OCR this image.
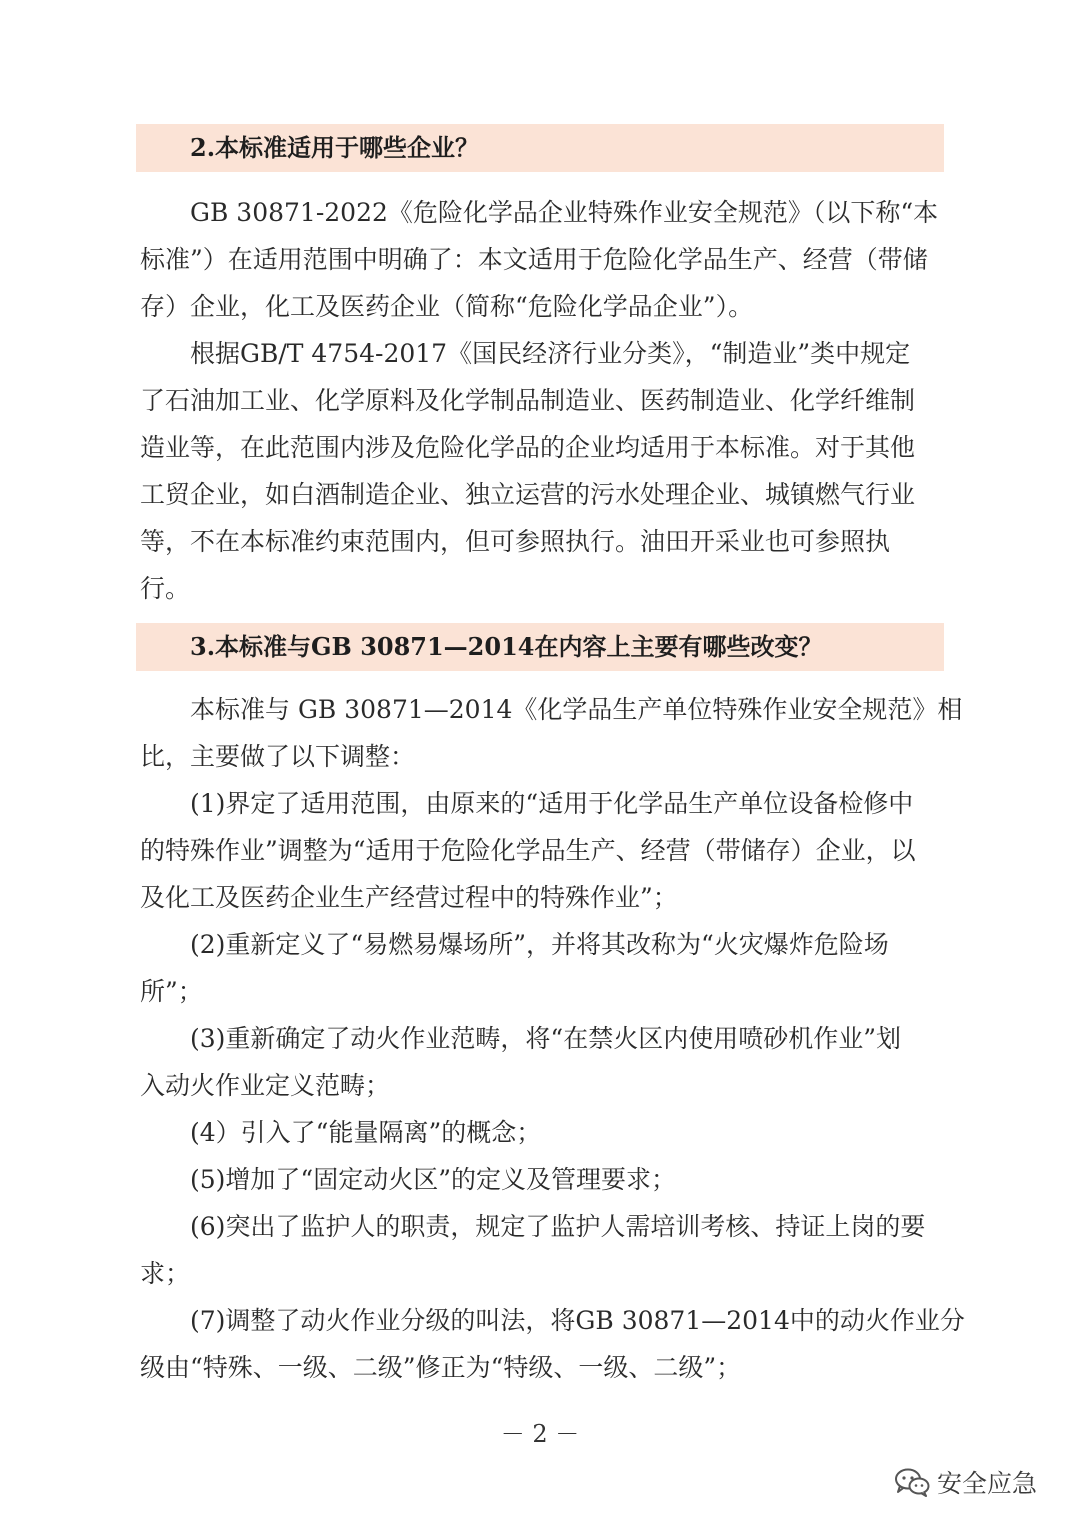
2.本标准适用于哪些企业？
GB 30871-2022《危险化学品企业特殊作业安全规范》（以下称“本
标准”）在适用范围中明确了：本文适用于危险化学品生产、经营（带储
存）企业，化工及医药企业（简称“危险化学品企业”）。
根据GB/T 4754-2017《国民经济行业分类》，“制造业”类中规定
了石油加工业、化学原料及化学制品制造业、医药制造业、化学纤维制
造业等，在此范围内涉及危险化学品的企业均适用于本标准。对于其他
工贸企业，如白酒制造企业、独立运营的污水处理企业、城镇燃气行业
等，不在本标准约束范围内，但可参照执行。油田开采业也可参照执
行。
3.本标准与GB 30871—2014在内容上主要有哪些改变？
本标准与 GB 30871—2014《化学品生产单位特殊作业安全规范》相
比，主要做了以下调整：
(1)界定了适用范围，由原来的“适用于化学品生产单位设备检修中
的特殊作业”调整为“适用于危险化学品生产、经营（带储存）企业，以
及化工及医药企业生产经营过程中的特殊作业”；
(2)重新定义了“易燃易爆场所”，并将其改称为“火灾爆炸危险场
所”；
(3)重新确定了动火作业范畴，将“在禁火区内使用喷砂机作业”划
入动火作业定义范畴；
(4）引入了“能量隔离”的概念；
(5)增加了“固定动火区”的定义及管理要求；
(6)突出了监护人的职责，规定了监护人需培训考核、持证上岗的要
求；
(7)调整了动火作业分级的叫法，将GB 30871—2014中的动火作业分
级由“特殊、一级、二级”修正为“特级、一级、二级”；
－ 2 －
安全应急
